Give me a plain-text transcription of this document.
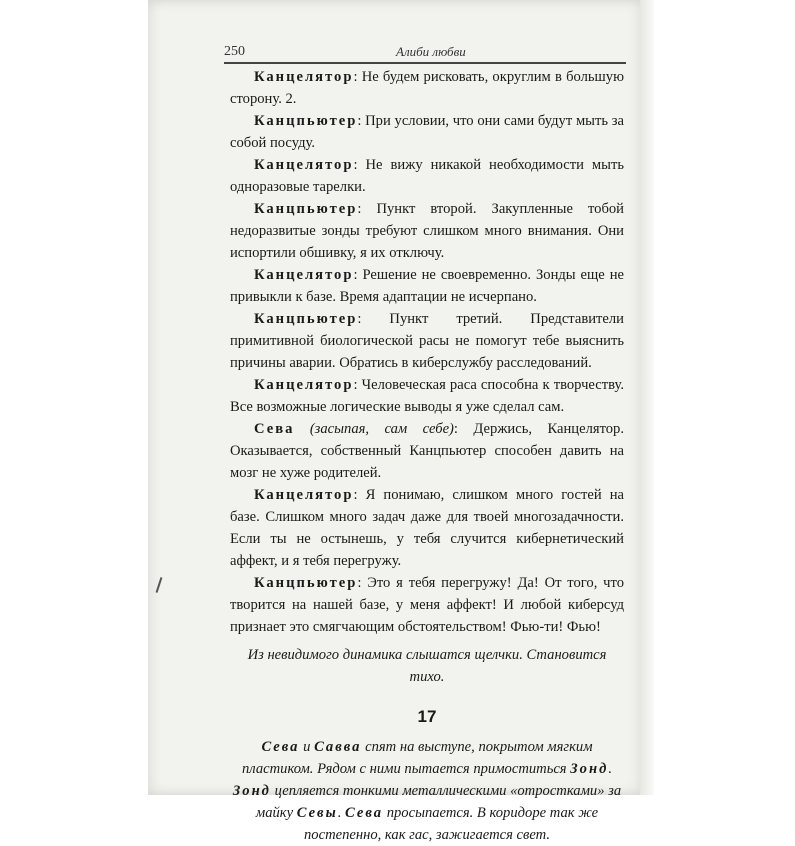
250	Алиби любви

Канцелятор: Не будем рисковать, округлим в большую сторону. 2.

Канцпьютер: При условии, что они сами будут мыть за собой посуду.

Канцелятор: Не вижу никакой необходимости мыть одноразовые тарелки.

Канцпьютер: Пункт второй. Закупленные тобой недоразвитые зонды требуют слишком много внимания. Они испортили обшивку, я их отключу.

Канцелятор: Решение не своевременно. Зонды еще не привыкли к базе. Время адаптации не исчерпано.

Канцпьютер: Пункт третий. Представители примитивной биологической расы не помогут тебе выяснить причины аварии. Обратись в киберслужбу расследований.

Канцелятор: Человеческая раса способна к творчеству. Все возможные логические выводы я уже сделал сам.

Сева (засыпая, сам себе): Держись, Канцелятор. Оказывается, собственный Канцпьютер способен давить на мозг не хуже родителей.

Канцелятор: Я понимаю, слишком много гостей на базе. Слишком много задач даже для твоей многозадачности. Если ты не остынешь, у тебя случится кибернетический аффект, и я тебя перегружу.

Канцпьютер: Это я тебя перегружу! Да! От того, что творится на нашей базе, у меня аффект! И любой киберсуд признает это смягчающим обстоятельством! Фью-ти! Фью!

Из невидимого динамика слышатся щелчки. Становится тихо.

17

Сева и Савва спят на выступе, покрытом мягким пластиком. Рядом с ними пытается примоститься Зонд. Зонд цепляется тонкими металлическими «отростками» за майку Севы. Сева просыпается. В коридоре так же постепенно, как гас, зажигается свет.
